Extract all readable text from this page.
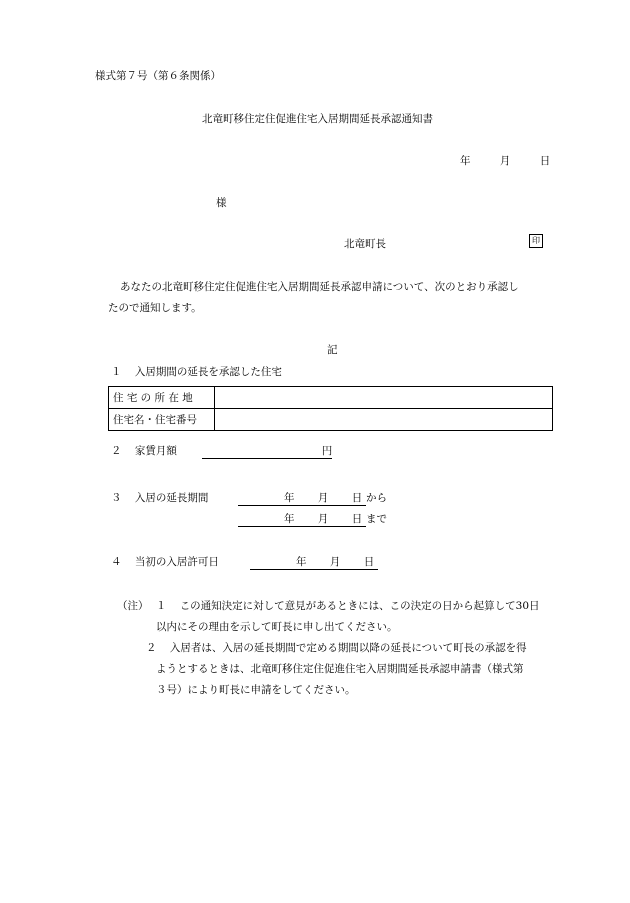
様式第７号（第６条関係）
北竜町移住定住促進住宅入居期間延長承認通知書
年	月	日
様
北竜町長	印
あなたの北竜町移住定住促進住宅入居期間延長承認申請について、次のとおり承認し
たので通知します。
記
１ 入居期間の延長を承認した住宅
住 宅 の 所 在 地	
住宅名・住宅番号	
２ 家賃月額	円
３ 入居の延長期間	年 月 日 から
年 月 日 まで
４ 当初の入居許可日	年 月 日
（注） １ この通知決定に対して意見があるときには、この決定の日から起算して30日
以内にその理由を示して町長に申し出てください。
２ 入居者は、入居の延長期間で定める期間以降の延長について町長の承認を得
ようとするときは、北竜町移住定住促進住宅入居期間延長承認申請書（様式第
３号）により町長に申請をしてください。
